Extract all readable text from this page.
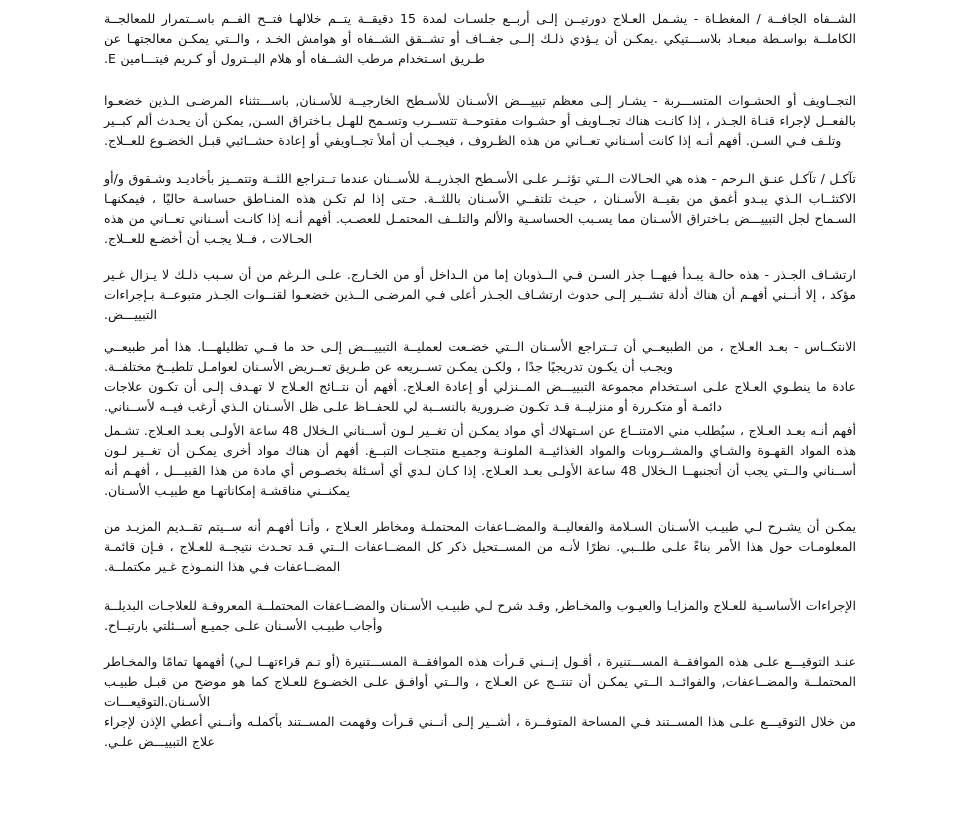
الشــفاه الجافــة / المغطـاة - يشـمل العـلاج دورتيــن إلـى أربــع جلسـات لمدة 15 دقيقــة يتــم خلالهـا فتــح الفــم باســتمرار للمعالجــة الكاملــة بواسـطة مبعـاد بلاســـتيكي .يمكـن أن يـؤدي ذلـك إلــى جفــاف أو تشــقق الشــفاه أو هوامش الخـد ، والــتي يمكـن معالجتهـا عن طـريق اسـتخدام مرطب الشــفاه أو هلام البــترول أو كـريم فيتـــامين E.

التجــاويف أو الحشـوات المتســـربة - يشـار إلـى معظم تبييـــض الأسـنان للأسـطح الخارجيــة للأسـنان, باســـتثناء المرضـى الـذين خضعـوا بالفعــل لإجراء قنـاة الجـذر ، إذا كانـت هناك تجــاويف أو حشـوات مفتوحــة تتســرب وتسـمح للهـل بـاختراق السـن, يمكـن أن يحـدث ألم كبــير وتلـف فـي السـن. أفهم أنـه إذا كانت أسـناني تعــاني من هذه الظـروف ، فيجــب أن أملأ تجــاويفي أو إعادة حشــائبي قبـل الخضـوع للعــلاج.

تآكـل / تآكـل عنـق الـرحم - هذه هي الحـالات الــتي تؤثــر علـى الأسـطح الجذريــة للأســنان عندما تــتراجع اللثــة وتتمــيز بأخاديـد وشـقوق و/أو الاكتئــاب الـذي يبـدو أغمق من بقيــة الأسـنان ، حيـث تلتقــي الأسـنان باللثــة. حـتى إذا لم تكـن هذه المنـاطق حساسـة حاليًا ، فيمكنهـا السـماح لجل التبييـــض بـاختراق الأسـنان مما يسـبب الحساسـية والألم والتلــف المحتمـل للعصـب. أفهم أنـه إذا كانـت أسـناني تعــاني من هذه الحـالات ، فــلا يجـب أن أخضـع للعــلاج.

ارتشـاف الجـذر - هذه حالـة يبـدأ فيهــا جذر السـن فـي الــذوبان إما من الـداخل أو من الخـارج. علـى الـرغم من أن سـبب ذلـك لا يـزال غـير مؤكد ، إلا أنــني أفهـم أن هناك أدلة تشــير إلـى حدوث ارتشـاف الجـذر أعلى فـي المرضـى الــذين خضعـوا لقنــوات الجـذر متبوعــة بـإجراءات التبييـــض.

الانتكــاس - بعـد العـلاج ، من الطبيعــي أن تــتراجع الأسـنان الــتي خضـعت لعمليــة التبييـــض إلـى حد ما فــي تظليلهـــا. هذا أمر طبيعــي ويجـب أن يكـون تدريجيًا جدًا ، ولكـن يمكـن تســريعه عن طـريق تعــريض الأسـنان لعوامـل تلطيــخ مختلفــة.

عادة ما ينطـوي العـلاج علـى اسـتخدام مجموعة التبييـــض المــنزلي أو إعادة العـلاج. أفهم أن نتــائج العـلاج لا تهـدف إلـى أن تكـون علاجات دائمـة أو متكـررة أو منزليــة قـد تكـون ضـرورية بالنســبة لي للحفــاظ علـى ظل الأسـنان الـذي أرغب فيــه لأســناني.

أفهم أنـه بعـد العـلاج ، سيُطلب مني الامتنــاع عن اسـتهلاك أي مواد يمكـن أن تغــير لـون أســناني الـخلال 48 ساعة الأولـى بعـد العـلاج. تشـمل هذه المواد القهـوة والشـاي والمشــروبات والمواد الغذائيــة الملونـة وجميـع منتجـات التبــغ. أفهم أن هناك مواد أخرى يمكـن أن تغــير لـون أســناني والــتي يجب أن أتجنبهــا الـخلال 48 ساعة الأولـى بعـد العـلاج. إذا كـان لـدي أي أسـئلة بخصـوص أي مادة من هذا القبيـــل ، أفهـم أنه يمكنــني مناقشـة إمكاناتهـا مع طبيـب الأسـنان.

يمكـن أن يشـرح لـي طبيـب الأسـنان السـلامة والفعاليــة والمضــاعفات المحتملـة ومخاطر العـلاج ، وأنـا أفهـم أنه ســيتم تقــديم المزيـد من المعلومـات حول هذا الأمر بناءً علـى طلــبي. نظرًا لأنـه من المســتحيل ذكر كل المضــاعفات الــتي قـد تحـدث نتيجــة للعـلاج ، فـإن قائمـة المضــاعفات فـي هذا النمـوذج غـير مكتملــة.

الإجراءات الأساسـية للعـلاج والمزايـا والعيـوب والمخـاطر, وقـد شرح لـي طبيـب الأسـنان والمضــاعفات المحتملــة المعروفـة للعلاجـات البديلــة وأجاب طبيـب الأسـنان علـى جميـع أســئلتي بارتيــاح.

عنـد التوقيـــع علـى هذه الموافقــة المســـتنيرة ، أقـول إنــني قـرأت هذه الموافقــة المســـتنيرة (أو تـم قراءتهــا لـي) أفهمها تمامًا والمخـاطر المحتملــة والمضــاعفات, والفوائــد الــتي يمكـن أن تنتــج عن العـلاج ، والــتي أوافـق علـى الخضـوع للعـلاج كما هو موضح من قبـل طبيـب الأسـنان.التوقيعـــات

من خلال التوقيـــع علـى هذا المســتند فـي المساحة المتوفــرة ، أشــير إلـى أنــني قـرأت وفهمت المســتند بأكملـه وأنــني أعطي الإذن لإجراء علاج التبييـــض علـي.
